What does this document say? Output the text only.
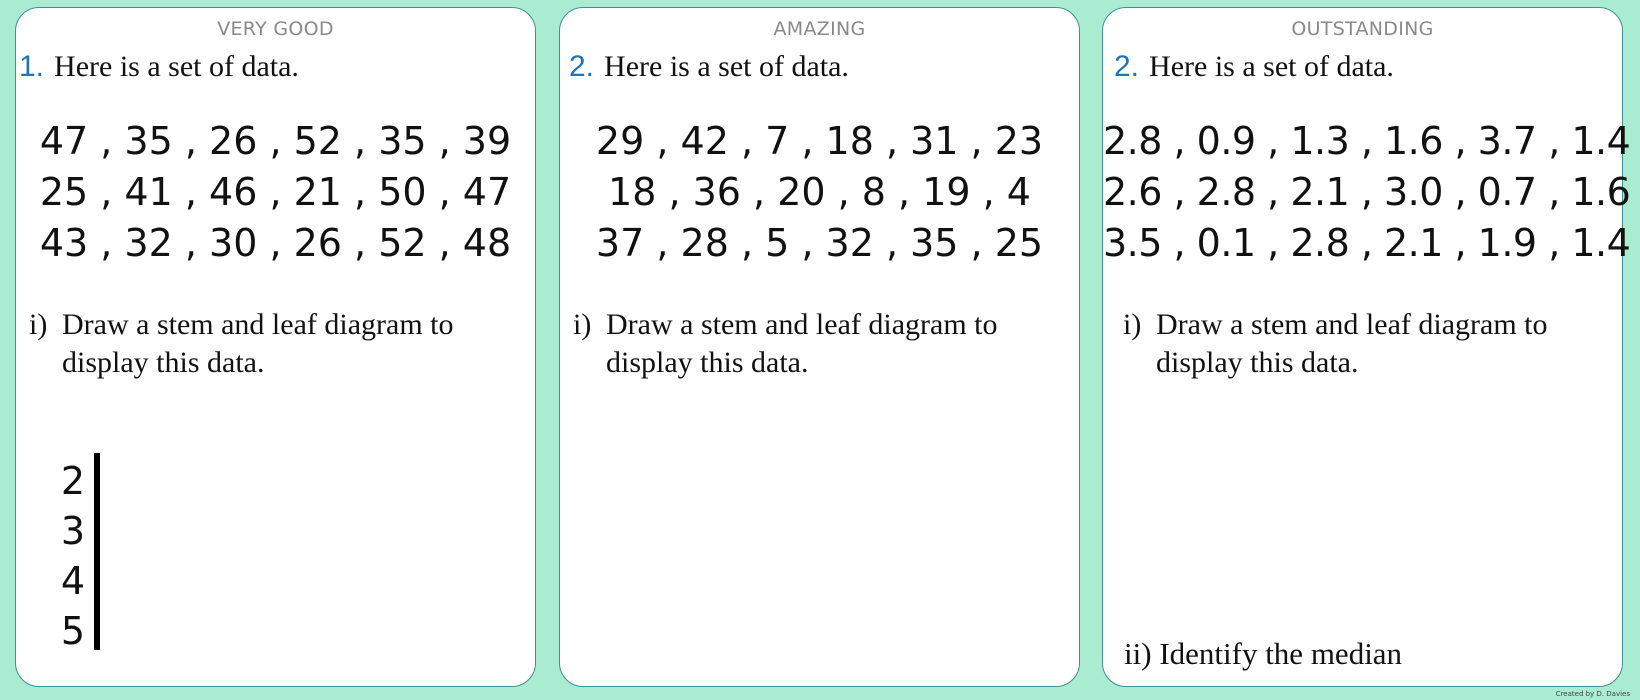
VERY GOOD
1. Here is a set of data.
47 , 35 , 26 , 52 , 35 , 39
25 , 41 , 46 , 21 , 50 , 47
43 , 32 , 30 , 26 , 52 , 48
i) Draw a stem and leaf diagram to display this data.
2
3
4
5
AMAZING
2. Here is a set of data.
29 , 42 , 7 , 18 , 31 , 23
18 , 36 , 20 , 8 , 19 , 4
37 , 28 , 5 , 32 , 35 , 25
i) Draw a stem and leaf diagram to display this data.
OUTSTANDING
2. Here is a set of data.
2.8 , 0.9 , 1.3 , 1.6 , 3.7 , 1.4
2.6 , 2.8 , 2.1 , 3.0 , 0.7 , 1.6
3.5 , 0.1 , 2.8 , 2.1 , 1.9 , 1.4
i) Draw a stem and leaf diagram to display this data.
ii) Identify the median
Created by D. Davies
